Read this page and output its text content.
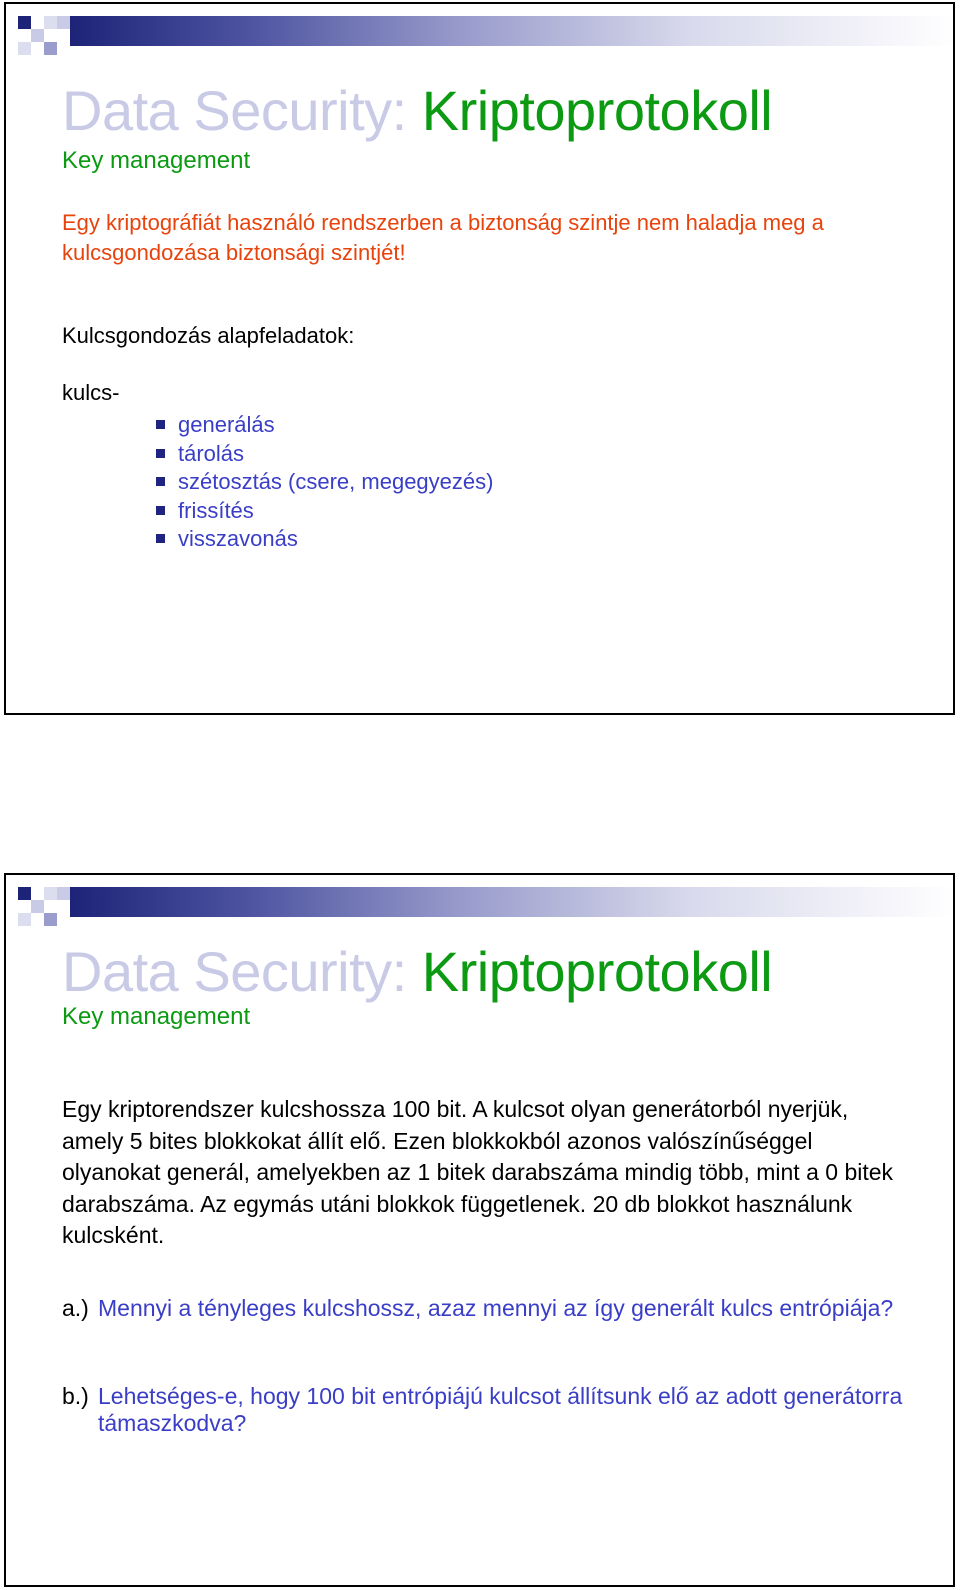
Data Security: Kriptoprotokoll
Key management
Egy kriptográfiát használó rendszerben a biztonság szintje nem haladja meg a kulcsgondozása biztonsági szintjét!
Kulcsgondozás alapfeladatok:
kulcs-
generálás
tárolás
szétosztás (csere, megegyezés)
frissítés
visszavonás
Data Security: Kriptoprotokoll
Key management
Egy kriptorendszer kulcshossza 100 bit. A kulcsot olyan generátorból nyerjük, amely 5 bites blokkokat állít elő. Ezen blokkokból azonos valószínűséggel olyanokat generál, amelyekben az 1 bitek darabszáma mindig több, mint a 0 bitek darabszáma. Az egymás utáni blokkok függetlenek. 20 db blokkot használunk kulcsként.
a.) Mennyi a tényleges kulcshossz, azaz mennyi az így generált kulcs entrópiája?
b.) Lehetséges-e, hogy 100 bit entrópiájú kulcsot állítsunk elő az adott generátorra támaszkodva?
